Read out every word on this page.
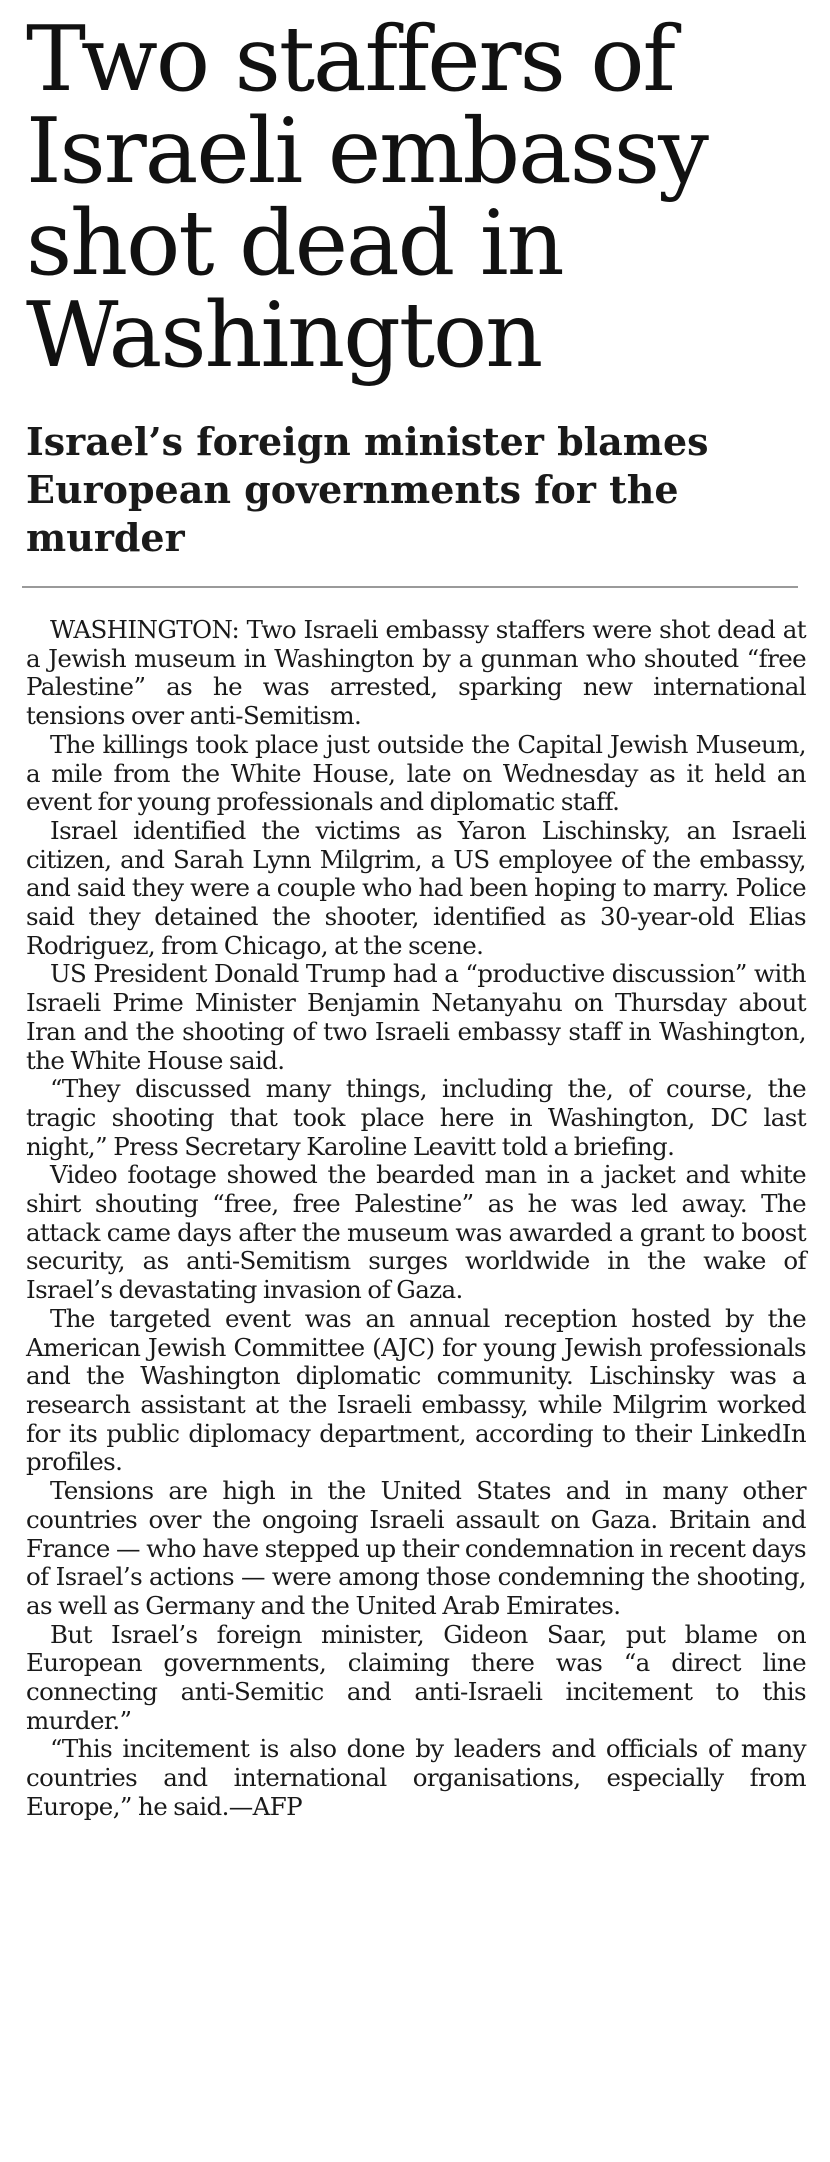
Two staffers of Israeli embassy shot dead in Washington
Israel’s foreign minister blames European governments for the murder

WASHINGTON: Two Israeli embassy staffers were shot dead at a Jewish museum in Washington by a gunman who shouted “free Palestine” as he was arrested, sparking new international tensions over anti-Semitism.

The killings took place just outside the Capital Jewish Museum, a mile from the White House, late on Wednesday as it held an event for young professionals and diplomatic staff.

Israel identified the victims as Yaron Lischinsky, an Israeli citizen, and Sarah Lynn Milgrim, a US employee of the embassy, and said they were a couple who had been hoping to marry. Police said they detained the shooter, identified as 30-year-old Elias Rodriguez, from Chicago, at the scene.

US President Donald Trump had a “productive discussion” with Israeli Prime Minister Benjamin Netanyahu on Thursday about Iran and the shooting of two Israeli embassy staff in Washington, the White House said.

“They discussed many things, including the, of course, the tragic shooting that took place here in Washington, DC last night,” Press Secretary Karoline Leavitt told a briefing.

Video footage showed the bearded man in a jacket and white shirt shouting “free, free Palestine” as he was led away. The attack came days after the museum was awarded a grant to boost security, as anti-Semitism surges worldwide in the wake of Israel’s devastating invasion of Gaza.

The targeted event was an annual reception hosted by the American Jewish Committee (AJC) for young Jewish professionals and the Washington diplomatic community. Lischinsky was a research assistant at the Israeli embassy, while Milgrim worked for its public diplomacy department, according to their LinkedIn profiles.

Tensions are high in the United States and in many other countries over the ongoing Israeli assault on Gaza. Britain and France — who have stepped up their condemnation in recent days of Israel’s actions — were among those condemning the shooting, as well as Germany and the United Arab Emirates.

But Israel’s foreign minister, Gideon Saar, put blame on European governments, claiming there was “a direct line connecting anti-Semitic and anti-Israeli incitement to this murder.”

“This incitement is also done by leaders and officials of many countries and international organisations, especially from Europe,” he said.—AFP
